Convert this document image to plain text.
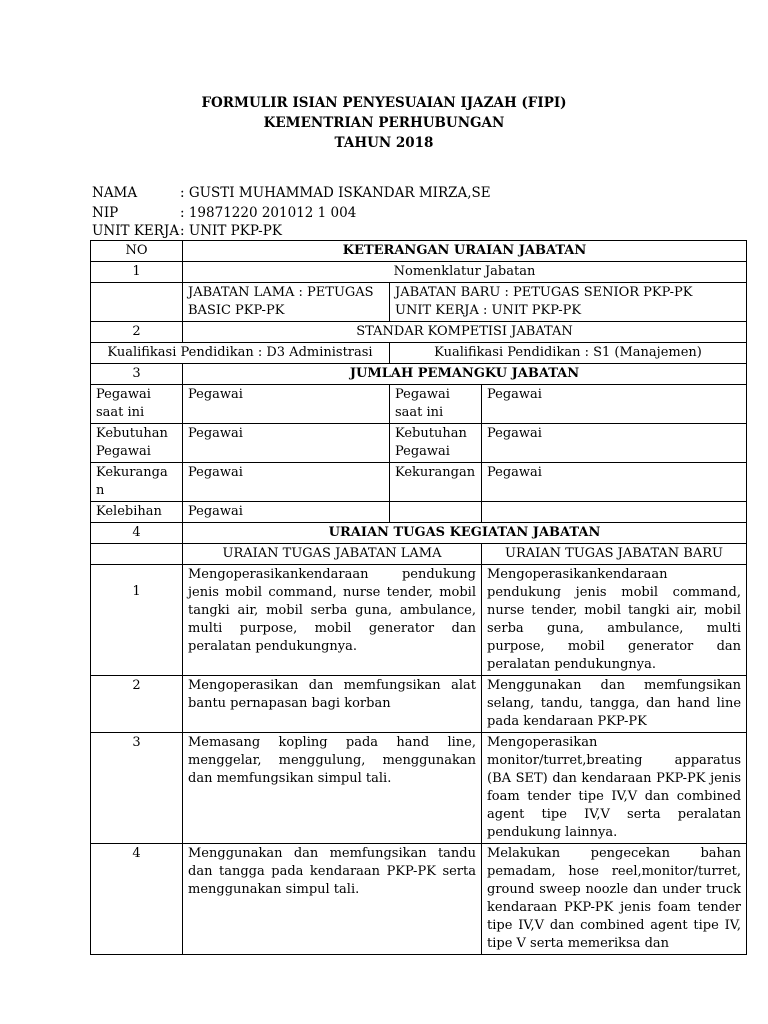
FORMULIR ISIAN PENYESUAIAN IJAZAH (FIPI)
KEMENTRIAN PERHUBUNGAN
TAHUN 2018
NAMA	: GUSTI MUHAMMAD ISKANDAR MIRZA,SE
NIP	: 19871220 201012 1 004
UNIT KERJA: UNIT PKP-PK
NO	KETERANGAN URAIAN JABATAN		
1	Nomenklatur Jabatan		
	JABATAN LAMA : PETUGAS BASIC PKP-PK	JABATAN BARU : PETUGAS SENIOR PKP-PK
UNIT KERJA : UNIT PKP-PK	

2	STANDAR KOMPETISI JABATAN		
Kualifikasi Pendidikan : D3 Administrasi		Kualifikasi Pendidikan : S1 (Manajemen)	
3	JUMLAH PEMANGKU JABATAN		
Pegawai saat ini	Pegawai	Pegawai saat ini	Pegawai
Kebutuhan Pegawai	Pegawai	Kebutuhan Pegawai	Pegawai
Kekuranga n	Pegawai	Kekurangan	Pegawai
Kelebihan	Pegawai		
4	URAIAN TUGAS KEGIATAN JABATAN		
	URAIAN TUGAS JABATAN LAMA		URAIAN TUGAS JABATAN BARU
1	Mengoperasikankendaraan pendukung jenis mobil command, nurse tender, mobil tangki air, mobil serba guna, ambulance, multi purpose, mobil generator dan peralatan pendukungnya.		Mengoperasikankendaraan pendukung jenis mobil command, nurse tender, mobil tangki air, mobil serba guna, ambulance, multi purpose, mobil generator dan peralatan pendukungnya.
2	Mengoperasikan dan memfungsikan alat bantu pernapasan bagi korban		Menggunakan dan memfungsikan selang, tandu, tangga, dan hand line pada kendaraan PKP-PK
3	Memasang kopling pada hand line, menggelar, menggulung, menggunakan dan memfungsikan simpul tali.		Mengoperasikan monitor/turret,breating apparatus (BA SET) dan kendaraan PKP-PK jenis foam tender tipe IV,V dan combined agent tipe IV,V serta peralatan pendukung lainnya.
4	Menggunakan dan memfungsikan tandu dan tangga pada kendaraan PKP-PK serta menggunakan simpul tali.		Melakukan pengecekan bahan pemadam, hose reel,monitor/turret, ground sweep noozle dan under truck kendaraan PKP-PK jenis foam tender tipe IV,V dan combined agent tipe IV, tipe V serta memeriksa dan
